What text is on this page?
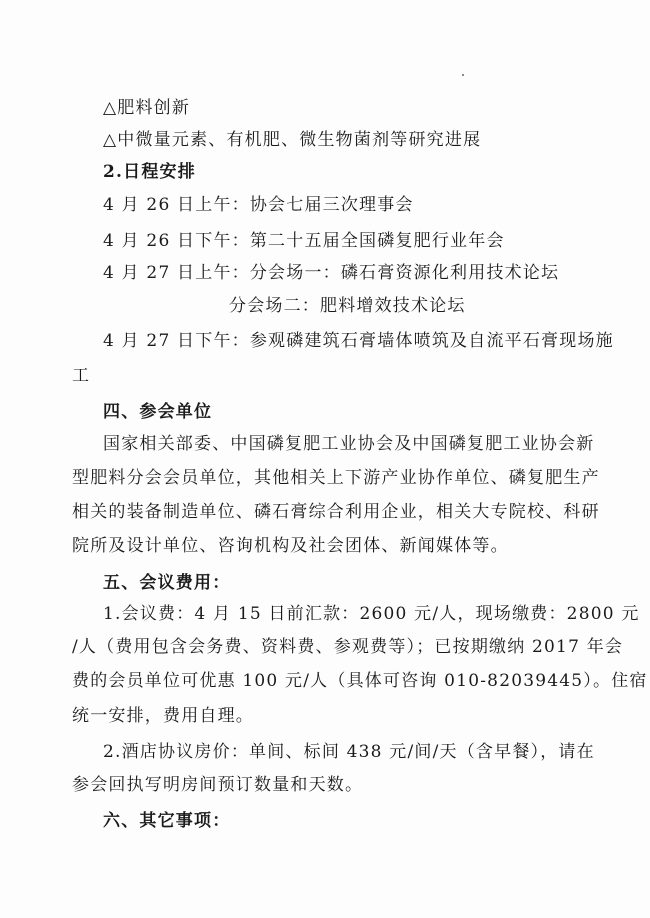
△肥料创新
△中微量元素、有机肥、微生物菌剂等研究进展
2.日程安排
4 月 26 日上午：协会七届三次理事会
4 月 26 日下午：第二十五届全国磷复肥行业年会
4 月 27 日上午：分会场一：磷石膏资源化利用技术论坛
分会场二：肥料增效技术论坛
4 月 27 日下午：参观磷建筑石膏墙体喷筑及自流平石膏现场施
工
四、参会单位
国家相关部委、中国磷复肥工业协会及中国磷复肥工业协会新
型肥料分会会员单位，其他相关上下游产业协作单位、磷复肥生产
相关的装备制造单位、磷石膏综合利用企业，相关大专院校、科研
院所及设计单位、咨询机构及社会团体、新闻媒体等。
五、会议费用：
1.会议费：4 月 15 日前汇款：2600 元/人，现场缴费：2800 元
/人（费用包含会务费、资料费、参观费等）；已按期缴纳 2017 年会
费的会员单位可优惠 100 元/人（具体可咨询 010-82039445）。住宿
统一安排，费用自理。
2.酒店协议房价：单间、标间 438 元/间/天（含早餐），请在
参会回执写明房间预订数量和天数。
六、其它事项：
